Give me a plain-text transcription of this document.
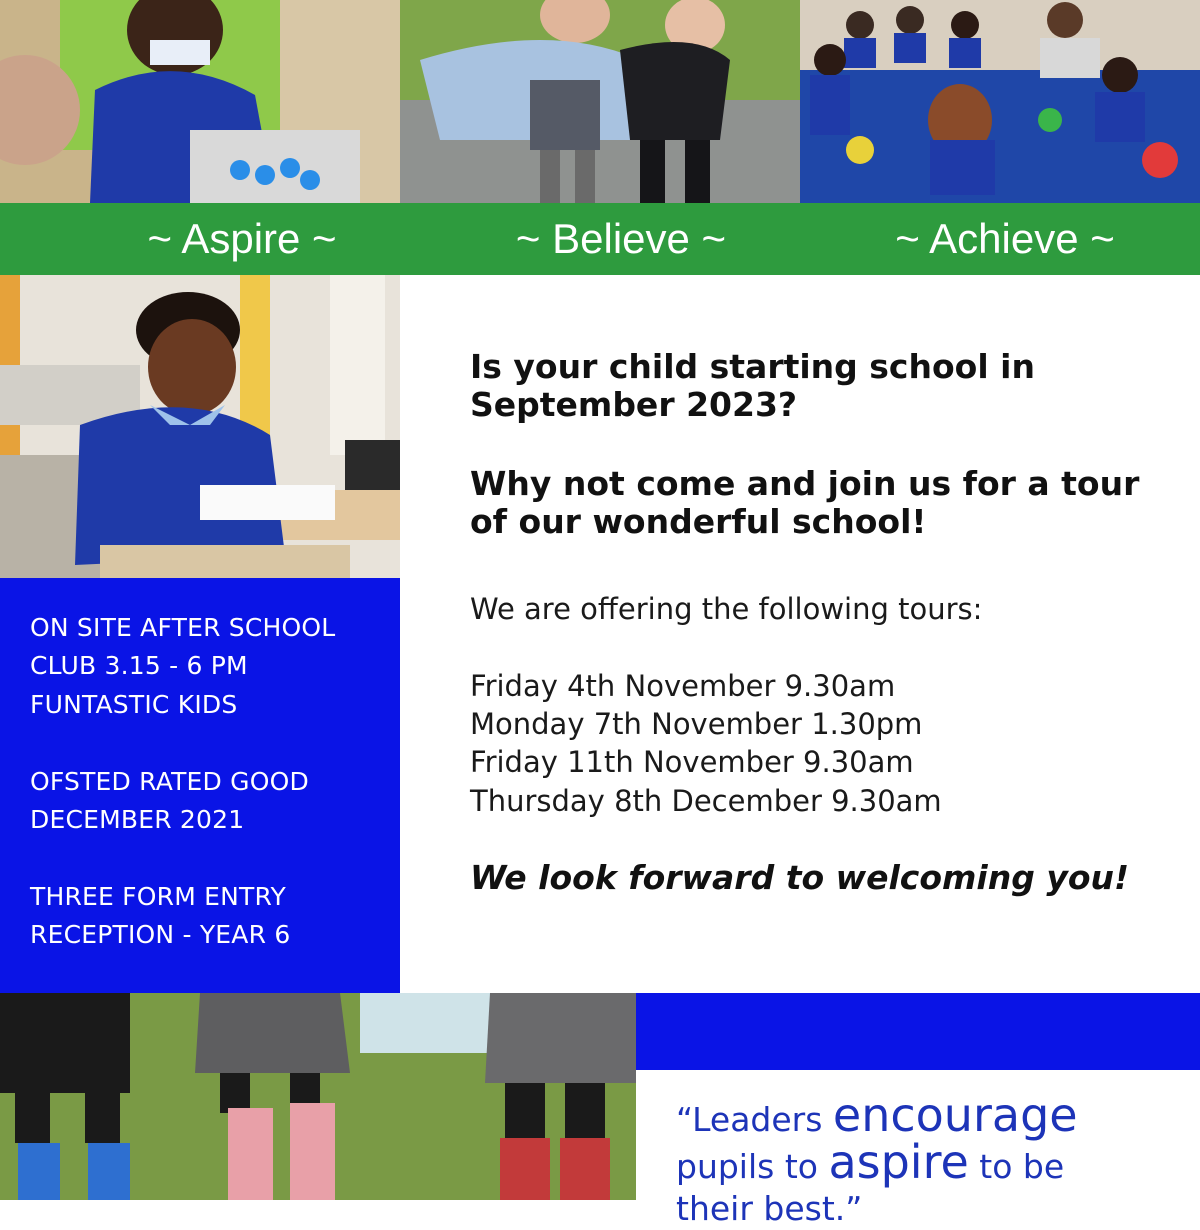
~ Aspire ~	~ Believe ~	~ Achieve ~
ON SITE AFTER SCHOOL
CLUB 3.15 - 6 PM
FUNTASTIC KIDS
OFSTED RATED GOOD
DECEMBER 2021
THREE FORM ENTRY
RECEPTION - YEAR 6
Is your child starting school in
September 2023?
Why not come and join us for a tour
of our wonderful school!
We are offering the following tours:
Friday 4th November 9.30am
Monday 7th November 1.30pm
Friday 11th November 9.30am
Thursday 8th December 9.30am
We look forward to welcoming you!
“Leaders encourage
pupils to aspire to be
their best.”
